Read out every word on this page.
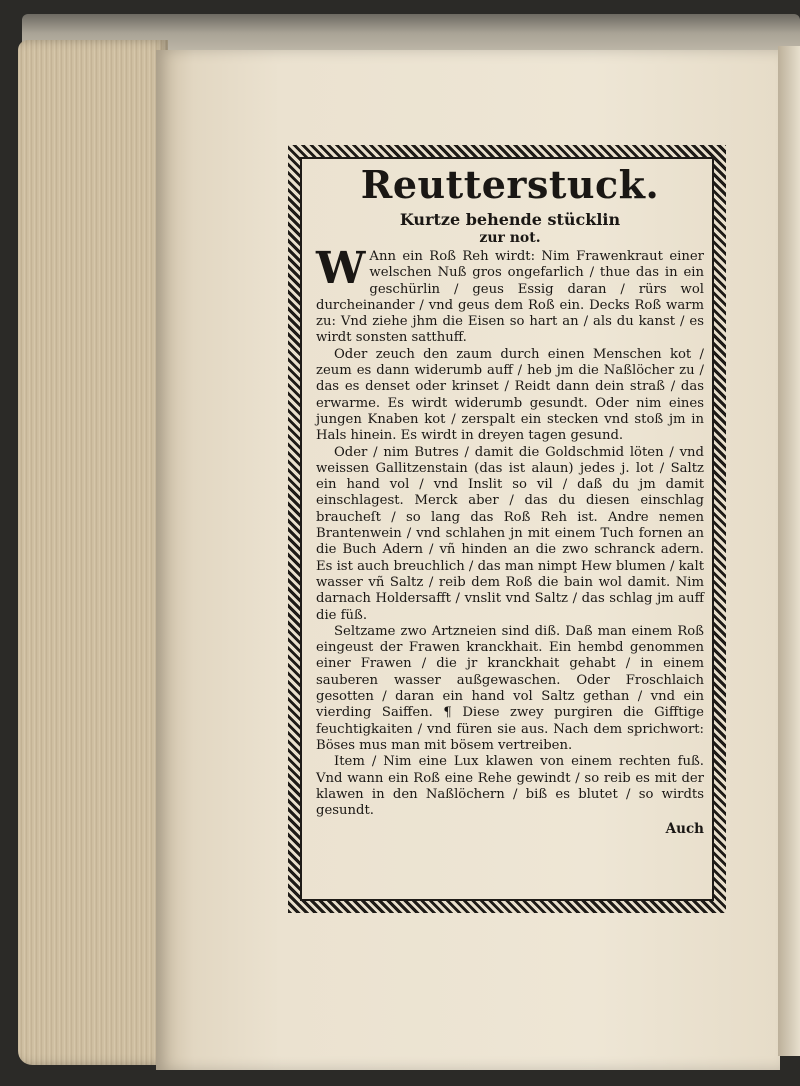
Reutterstuck.
Kurtze behende stücklin
zur not.

W Ann ein Roß Reh wirdt: Nim Frawenkraut einer welschen Nuß gros ongefarlich / thue das in ein geschürlin / geus Essig daran / rürs wol durcheinander / vnd geus dem Roß ein. Decks Roß warm zu: Vnd ziehe jhm die Eisen so hart an / als du kanst / es wirdt sonsten satthuff.

Oder zeuch den zaum durch einen Menschen kot / zeum es dann widerumb auff / heb jm die Naßlöcher zu / das es denset oder krinset / Reidt dann dein straß / das erwarme. Es wirdt widerumb gesundt. Oder nim eines jungen Knaben kot / zerspalt ein stecken vnd stoß jm in Hals hinein. Es wirdt in dreyen tagen gesund.

Oder / nim Butres / damit die Goldschmid löten / vnd weissen Gallitzenstain (das ist alaun) jedes j. lot / Saltz ein hand vol / vnd Inslit so vil / daß du jm damit einschlagest. Merck aber / das du diesen einschlag braucheſt / so lang das Roß Reh ist. Andre nemen Brantenwein / vnd schlahen jn mit einem Tuch fornen an die Buch Adern / vñ hinden an die zwo schranck adern. Es ist auch breuchlich / das man nimpt Hew blumen / kalt wasser vñ Saltz / reib dem Roß die bain wol damit. Nim darnach Holdersafft / vnslit vnd Saltz / das schlag jm auff die füß.

Seltzame zwo Artzneien sind diß. Daß man einem Roß eingeust der Frawen kranckhait. Ein hembd genommen einer Frawen / die jr kranckhait gehabt / in einem sauberen wasser außgewaschen. Oder Froschlaich gesotten / daran ein hand vol Saltz gethan / vnd ein vierding Saiffen. ¶ Diese zwey purgiren die Gifftige feuchtigkaiten / vnd füren sie aus. Nach dem sprichwort: Böses mus man mit bösem vertreiben.

Item / Nim eine Lux klawen von einem rechten fuß. Vnd wann ein Roß eine Rehe gewindt / so reib es mit der klawen in den Naßlöchern / biß es blutet / so wirdts gesundt.

Auch
